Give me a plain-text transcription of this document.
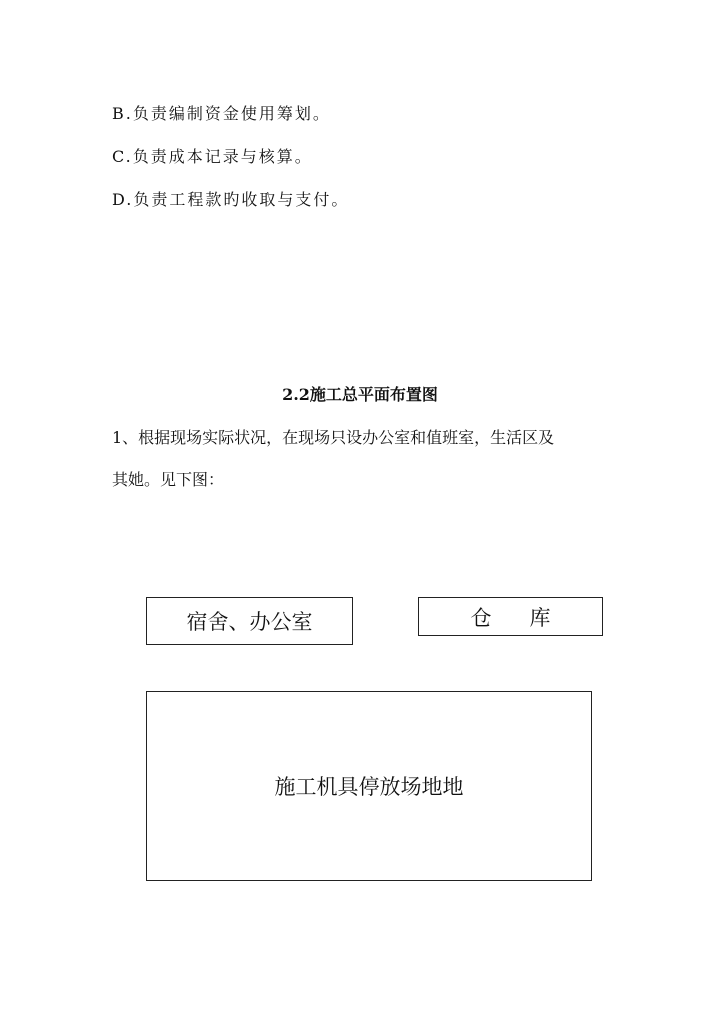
B.负责编制资金使用筹划。
C.负责成本记录与核算。
D.负责工程款旳收取与支付。
2.2施工总平面布置图
1、根据现场实际状况，在现场只设办公室和值班室，生活区及
其她。见下图：
宿舍、办公室	仓库
施工机具停放场地地
